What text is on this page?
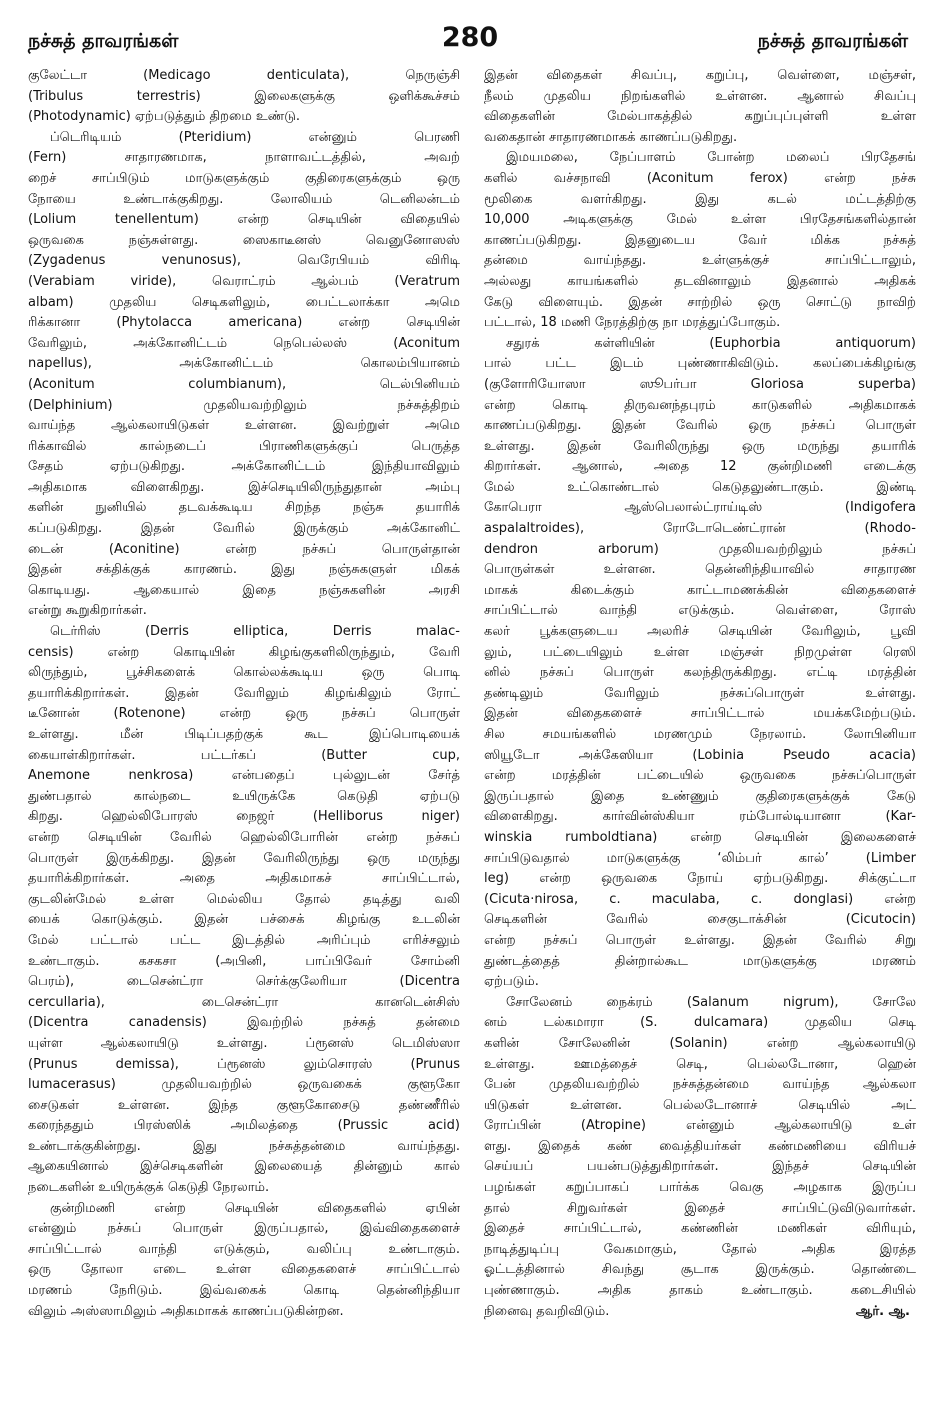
நச்சுத் தாவரங்கள்	280	நச்சுத் தாவரங்கள்
குலேட்டா (Medicago denticulata), நெருஞ்சி
(Tribulus terrestris) இலைகளுக்கு ஒளிக்கூச்சம்
(Photodynamic) ஏற்படுத்தும் திறமை உண்டு.
ப்டெரிடியம் (Pteridium) என்னும் பெரணி
(Fern) சாதாரணமாக, நாளாவட்டத்தில், அவற்
றைச் சாப்பிடும் மாடுகளுக்கும் குதிரைகளுக்கும் ஒரு
நோயை உண்டாக்குகிறது. லோலியம் டெனிலன்டம்
(Lolium tenellentum) என்ற செடியின் விதையில்
ஒருவகை நஞ்சுள்ளது. ஸைகாடீனஸ் வெனுனோஸஸ்
(Zygadenus venunosus), வெரேபியம் விரிடி
(Verabiam viride), வெராட்ரம் ஆல்பம் (Veratrum
albam) முதலிய செடிகளிலும், பைட்டலாக்கா அமெ
ரிக்கானா (Phytolacca americana) என்ற செடியின்
வேரிலும், அக்கோனிட்டம் நெபெல்லஸ் (Aconitum
napellus), அக்கோனிட்டம் கொலம்பியானம்
(Aconitum columbianum), டெல்பினியம்
(Delphinium) முதலியவற்றிலும் நச்சுத்திறம்
வாய்ந்த ஆல்கலாயிடுகள் உள்ளன. இவற்றுள் அமெ
ரிக்காவில் கால்நடைப் பிராணிகளுக்குப் பெருத்த
சேதம் ஏற்படுகிறது. அக்கோனிட்டம் இந்தியாவிலும்
அதிகமாக விளைகிறது. இச்செடியிலிருந்துதான் அம்பு
களின் நுனியில் தடவக்கூடிய சிறந்த நஞ்சு தயாரிக்
கப்படுகிறது. இதன் வேரில் இருக்கும் அக்கோனிட்
டைன் (Aconitine) என்ற நச்சுப் பொருள்தான்
இதன் சக்திக்குக் காரணம். இது நஞ்சுகளுள் மிகக்
கொடியது. ஆகையால் இதை நஞ்சுகளின் அரசி
என்று கூறுகிறார்கள்.
டெர்ரிஸ் (Derris elliptica, Derris malac-
censis) என்ற கொடியின் கிழங்குகளிலிருந்தும், வேரி
லிருந்தும், பூச்சிகளைக் கொல்லக்கூடிய ஒரு பொடி
தயாரிக்கிறார்கள். இதன் வேரிலும் கிழங்கிலும் ரோட்
டீனோன் (Rotenone) என்ற ஒரு நச்சுப் பொருள்
உள்ளது. மீன் பிடிப்பதற்குக் கூட இப்பொடியைக்
கையாள்கிறார்கள். பட்டர்கப் (Butter cup,
Anemone nenkrosa) என்பதைப் புல்லுடன் சேர்த்
துண்பதால் கால்நடை உயிருக்கே கெடுதி ஏற்படு
கிறது. ஹெல்லிபோரஸ் நைஜர் (Helliborus niger)
என்ற செடியின் வேரில் ஹெல்லிபோரின் என்ற நச்சுப்
பொருள் இருக்கிறது. இதன் வேரிலிருந்து ஒரு மருந்து
தயாரிக்கிறார்கள். அதை அதிகமாகச் சாப்பிட்டால்,
குடலின்மேல் உள்ள மெல்லிய தோல் தடித்து வலி
யைக் கொடுக்கும். இதன் பச்சைக் கிழங்கு உடலின்
மேல் பட்டால் பட்ட இடத்தில் அரிப்பும் எரிச்சலும்
உண்டாகும். கசகசா (அபினி, பாப்பிவேர் சோம்னி
பெரம்), டைசென்ட்ரா செர்க்குலேரியா (Dicentra
cercullaria), டைசென்ட்ரா கானடென்சிஸ்
(Dicentra canadensis) இவற்றில் நச்சுத் தன்மை
யுள்ள ஆல்கலாயிடு உள்ளது. ப்ரூனஸ் டெமிஸ்ஸா
(Prunus demissa), ப்ரூனஸ் லும்சொரஸ் (Prunus
lumacerasus) முதலியவற்றில் ஒருவகைக் குளூகோ
சைடுகள் உள்ளன. இந்த குளூகோசைடு தண்ணீரில்
கரைந்ததும் பிரஸ்ஸிக் அமிலத்தை (Prussic acid)
உண்டாக்குகின்றது. இது நச்சுத்தன்மை வாய்ந்தது.
ஆகையினால் இச்செடிகளின் இலையைத் தின்னும் கால்
நடைகளின் உயிருக்குக் கெடுதி நேரலாம்.
குன்றிமணி என்ற செடியின் விதைகளில் ஏபின்
என்னும் நச்சுப் பொருள் இருப்பதால், இவ்விதைகளைச்
சாப்பிட்டால் வாந்தி எடுக்கும், வலிப்பு உண்டாகும்.
ஒரு தோலா எடை உள்ள விதைகளைச் சாப்பிட்டால்
மரணம் நேரிடும். இவ்வகைக் கொடி தென்னிந்தியா
விலும் அஸ்ஸாமிலும் அதிகமாகக் காணப்படுகின்றன.
இதன் விதைகள் சிவப்பு, கறுப்பு, வெள்ளை, மஞ்சள்,
நீலம் முதலிய நிறங்களில் உள்ளன. ஆனால் சிவப்பு
விதைகளின் மேல்பாகத்தில் கறுப்புப்புள்ளி உள்ள
வகைதான் சாதாரணமாகக் காணப்படுகிறது.
இமயமலை, நேப்பாளம் போன்ற மலைப் பிரதேசங்
களில் வச்சநாவி (Aconitum ferox) என்ற நச்சு
மூலிகை வளர்கிறது. இது கடல் மட்டத்திற்கு
10,000 அடிகளுக்கு மேல் உள்ள பிரதேசங்களில்தான்
காணப்படுகிறது. இதனுடைய வேர் மிக்க நச்சுத்
தன்மை வாய்ந்தது. உள்ளுக்குச் சாப்பிட்டாலும்,
அல்லது காயங்களில் தடவினாலும் இதனால் அதிகக்
கேடு விளையும். இதன் சாற்றில் ஒரு சொட்டு நாவிற்
பட்டால், 18 மணி நேரத்திற்கு நா மரத்துப்போகும்.
சதுரக் கள்ளியின் (Euphorbia antiquorum)
பால் பட்ட இடம் புண்ணாகிவிடும். கலப்பைக்கிழங்கு
(குளோரியோஸா ஸூபர்பா Gloriosa superba)
என்ற கொடி திருவனந்தபுரம் காடுகளில் அதிகமாகக்
காணப்படுகிறது. இதன் வேரில் ஒரு நச்சுப் பொருள்
உள்ளது. இதன் வேரிலிருந்து ஒரு மருந்து தயாரிக்
கிறார்கள். ஆனால், அதை 12 குன்றிமணி எடைக்கு
மேல் உட்கொண்டால் கெடுதலுண்டாகும். இண்டி
கோபெரா ஆஸ்பெலால்ட்ராய்டிஸ் (Indigofera
aspalaltroides), ரோடோடெண்ட்ரான் (Rhodo-
dendron arborum) முதலியவற்றிலும் நச்சுப்
பொருள்கள் உள்ளன. தென்னிந்தியாவில் சாதாரண
மாகக் கிடைக்கும் காட்டாமணக்கின் விதைகளைச்
சாப்பிட்டால் வாந்தி எடுக்கும். வெள்ளை, ரோஸ்
கலர் பூக்களுடைய அலரிச் செடியின் வேரிலும், பூவி
லும், பட்டையிலும் உள்ள மஞ்சள் நிறமுள்ள ரெஸி
னில் நச்சுப் பொருள் கலந்திருக்கிறது. எட்டி மரத்தின்
தண்டிலும் வேரிலும் நச்சுப்பொருள் உள்ளது.
இதன் விதைகளைச் சாப்பிட்டால் மயக்கமேற்படும்.
சில சமயங்களில் மரணமும் நேரலாம். லோபினியா
ஸியூடோ அக்கேஸியா (Lobinia Pseudo acacia)
என்ற மரத்தின் பட்டையில் ஒருவகை நச்சுப்பொருள்
இருப்பதால் இதை உண்ணும் குதிரைகளுக்குக் கேடு
விளைகிறது. கார்வின்ஸ்கியா ரம்போல்டியானா (Kar-
winskia rumboldtiana) என்ற செடியின் இலைகளைச்
சாப்பிடுவதால் மாடுகளுக்கு ‘லிம்பர் கால்’ (Limber
leg) என்ற ஒருவகை நோய் ஏற்படுகிறது. சிக்குட்டா
(Cicuta·nirosa, c. maculaba, c. donglasi) என்ற
செடிகளின் வேரில் சைகுடாக்சின் (Cicutocin)
என்ற நச்சுப் பொருள் உள்ளது. இதன் வேரில் சிறு
துண்டத்தைத் தின்றால்கூட மாடுகளுக்கு மரணம்
ஏற்படும்.
சோலேனம் நைக்ரம் (Salanum nigrum), சோலே
னம் டல்கமாரா (S. dulcamara) முதலிய செடி
களின் சோலேனின் (Solanin) என்ற ஆல்கலாயிடு
உள்ளது. ஊமத்தைச் செடி, பெல்லடோனா, ஹென்
பேன் முதலியவற்றில் நச்சுத்தன்மை வாய்ந்த ஆல்கலா
யிடுகள் உள்ளன. பெல்லடோனாச் செடியில் அட்
ரோப்பின் (Atropine) என்னும் ஆல்கலாயிடு உள்
ளது. இதைக் கண் வைத்தியர்கள் கண்மணியை விரியச்
செய்யப் பயன்படுத்துகிறார்கள். இந்தச் செடியின்
பழங்கள் கறுப்பாகப் பார்க்க வெகு அழகாக இருப்ப
தால் சிறுவர்கள் இதைச் சாப்பிட்டுவிடுவார்கள்.
இதைச் சாப்பிட்டால், கண்ணின் மணிகள் விரியும்,
நாடித்துடிப்பு வேகமாகும், தோல் அதிக இரத்த
ஓட்டத்தினால் சிவந்து சூடாக இருக்கும். தொண்டை
புண்ணாகும். அதிக தாகம் உண்டாகும். கடைசியில்
நினைவு தவறிவிடும்.	ஆர். ஆ.
